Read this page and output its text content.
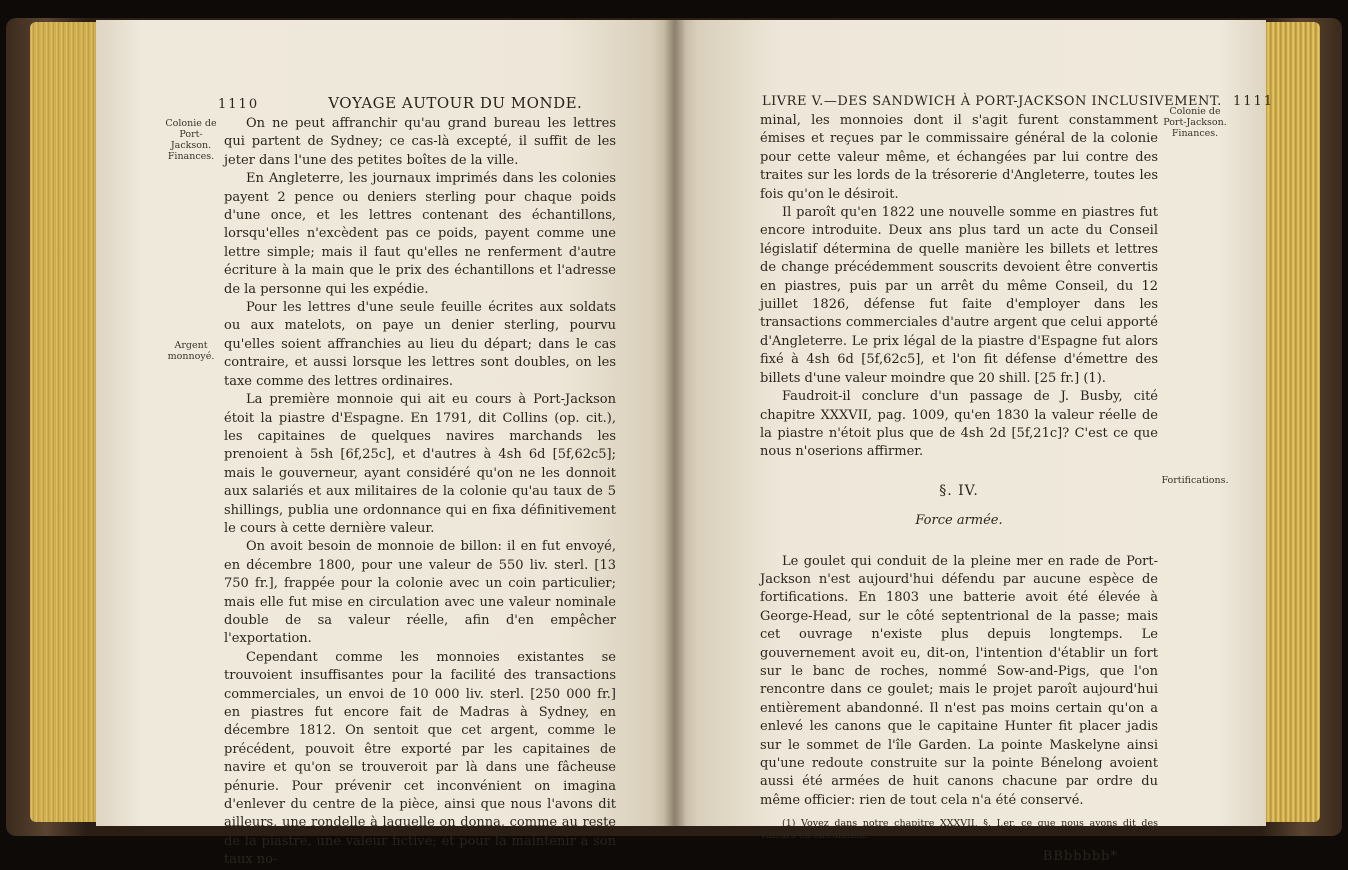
1110	VOYAGE AUTOUR DU MONDE.
Colonie de Port-Jackson. Finances.
Argent monnoyé.

On ne peut affranchir qu'au grand bureau les lettres qui partent de Sydney; ce cas-là excepté, il suffit de les jeter dans l'une des petites boîtes de la ville.

En Angleterre, les journaux imprimés dans les colonies payent 2 pence ou deniers sterling pour chaque poids d'une once, et les lettres contenant des échantillons, lorsqu'elles n'excèdent pas ce poids, payent comme une lettre simple; mais il faut qu'elles ne renferment d'autre écriture à la main que le prix des échantillons et l'adresse de la personne qui les expédie.

Pour les lettres d'une seule feuille écrites aux soldats ou aux matelots, on paye un denier sterling, pourvu qu'elles soient affranchies au lieu du départ; dans le cas contraire, et aussi lorsque les lettres sont doubles, on les taxe comme des lettres ordinaires.

La première monnoie qui ait eu cours à Port-Jackson étoit la piastre d'Espagne. En 1791, dit Collins (op. cit.), les capitaines de quelques navires marchands les prenoient à 5sh [6f,25c], et d'autres à 4sh 6d [5f,62c5]; mais le gouverneur, ayant considéré qu'on ne les donnoit aux salariés et aux militaires de la colonie qu'au taux de 5 shillings, publia une ordonnance qui en fixa définitivement le cours à cette dernière valeur.

On avoit besoin de monnoie de billon: il en fut envoyé, en décembre 1800, pour une valeur de 550 liv. sterl. [13 750 fr.], frappée pour la colonie avec un coin particulier; mais elle fut mise en circulation avec une valeur nominale double de sa valeur réelle, afin d'en empêcher l'exportation.

Cependant comme les monnoies existantes se trouvoient insuffisantes pour la facilité des transactions commerciales, un envoi de 10 000 liv. sterl. [250 000 fr.] en piastres fut encore fait de Madras à Sydney, en décembre 1812. On sentoit que cet argent, comme le précédent, pouvoit être exporté par les capitaines de navire et qu'on se trouveroit par là dans une fâcheuse pénurie. Pour prévenir cet inconvénient on imagina d'enlever du centre de la pièce, ainsi que nous l'avons dit ailleurs, une rondelle à laquelle on donna, comme au reste de la piastre, une valeur fictive; et pour la maintenir à son taux no-

LIVRE V.—DES SANDWICH À PORT-JACKSON INCLUSIVEMENT. 1111
Colonie de Port-Jackson. Finances.
Fortifications.

minal, les monnoies dont il s'agit furent constamment émises et reçues par le commissaire général de la colonie pour cette valeur même, et échangées par lui contre des traites sur les lords de la trésorerie d'Angleterre, toutes les fois qu'on le désiroit.

Il paroît qu'en 1822 une nouvelle somme en piastres fut encore introduite. Deux ans plus tard un acte du Conseil législatif détermina de quelle manière les billets et lettres de change précédemment souscrits devoient être convertis en piastres, puis par un arrêt du même Conseil, du 12 juillet 1826, défense fut faite d'employer dans les transactions commerciales d'autre argent que celui apporté d'Angleterre. Le prix légal de la piastre d'Espagne fut alors fixé à 4sh 6d [5f,62c5], et l'on fit défense d'émettre des billets d'une valeur moindre que 20 shill. [25 fr.] (1).

Faudroit-il conclure d'un passage de J. Busby, cité chapitre XXXVII, pag. 1009, qu'en 1830 la valeur réelle de la piastre n'étoit plus que de 4sh 2d [5f,21c]? C'est ce que nous n'oserions affirmer.

§. IV.

Force armée.

Le goulet qui conduit de la pleine mer en rade de Port-Jackson n'est aujourd'hui défendu par aucune espèce de fortifications. En 1803 une batterie avoit été élevée à George-Head, sur le côté septentrional de la passe; mais cet ouvrage n'existe plus depuis longtemps. Le gouvernement avoit eu, dit-on, l'intention d'établir un fort sur le banc de roches, nommé Sow-and-Pigs, que l'on rencontre dans ce goulet; mais le projet paroît aujourd'hui entièrement abandonné. Il n'est pas moins certain qu'on a enlevé les canons que le capitaine Hunter fit placer jadis sur le sommet de l'île Garden. La pointe Maskelyne ainsi qu'une redoute construite sur la pointe Bénelong avoient aussi été armées de huit canons chacune par ordre du même officier: rien de tout cela n'a été conservé.

(1) Voyez dans notre chapitre XXXVII, §. I.er, ce que nous avons dit des Valeurs en circulation.

BBbbbbb*
